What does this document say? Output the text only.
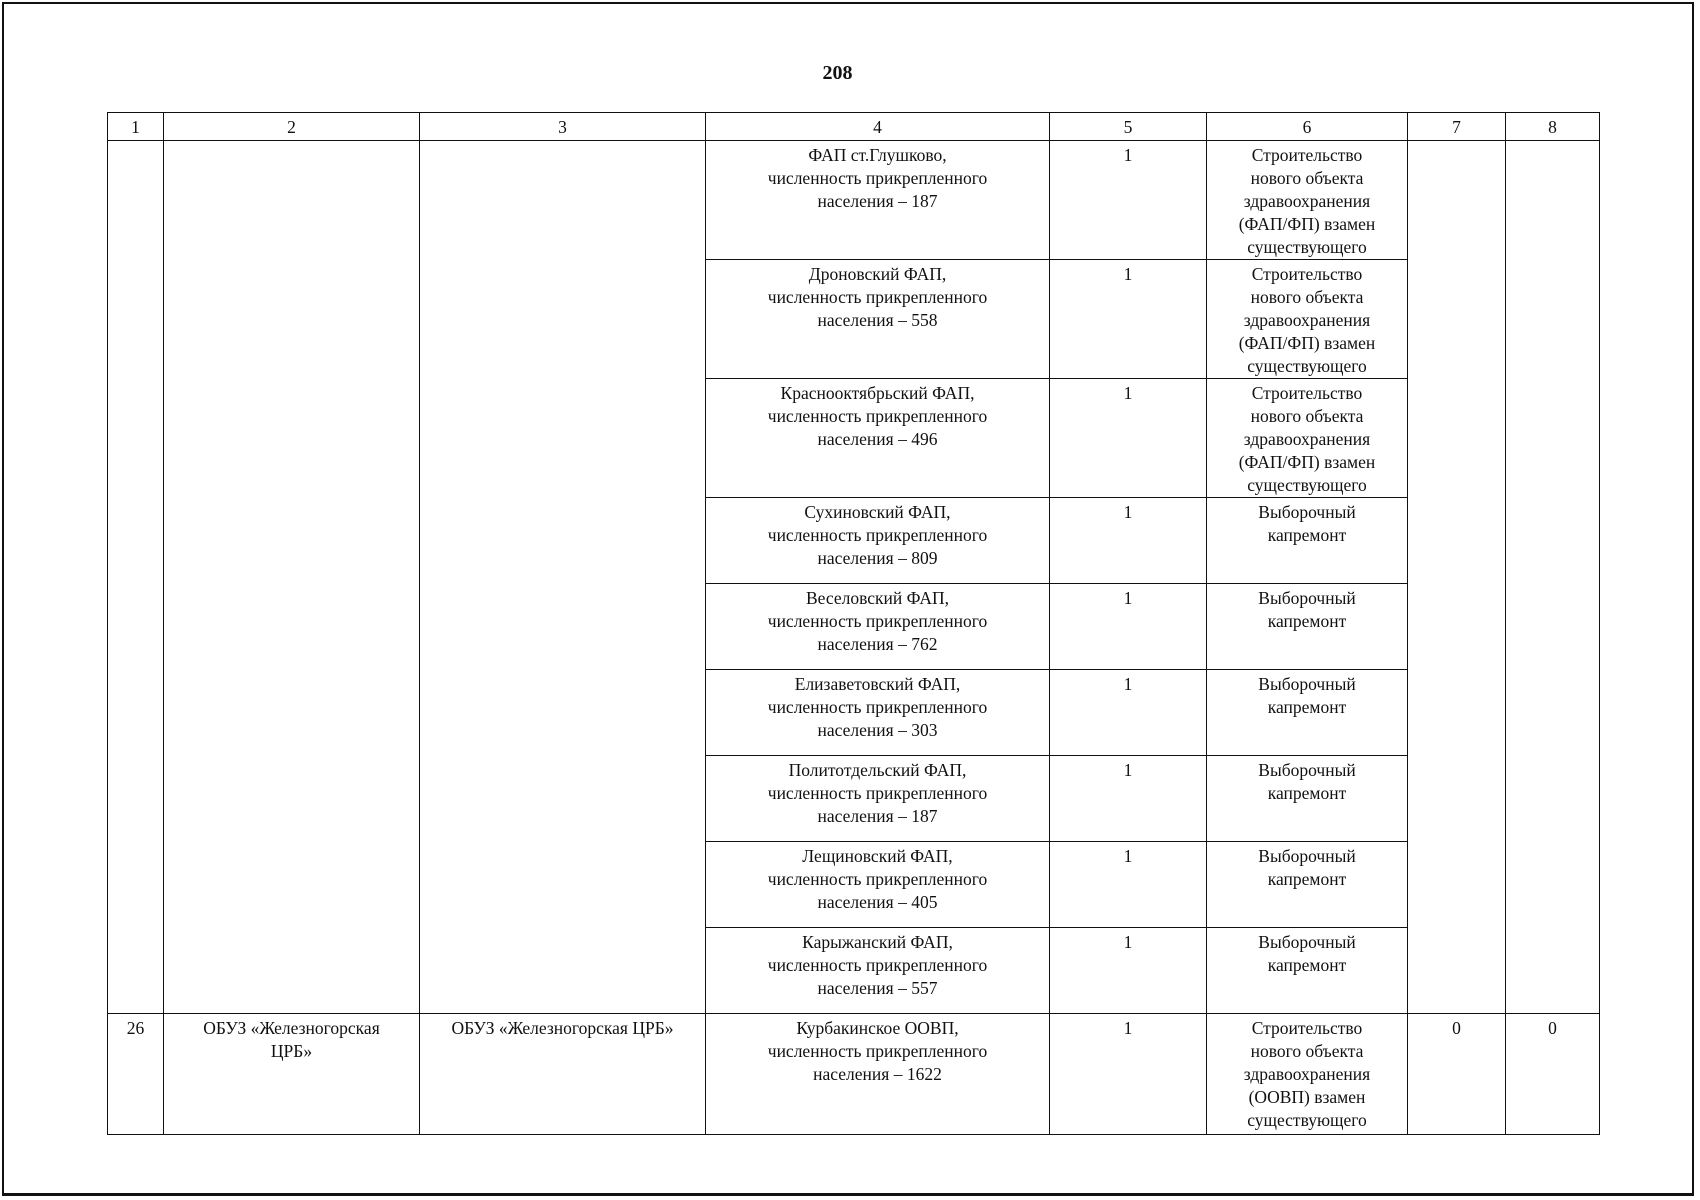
208
1	2	3	4	5	6	7	8
			ФАП ст.Глушково,
численность прикрепленного
населения – 187	1	Строительство
нового объекта
здравоохранения
(ФАП/ФП) взамен
существующего		
			Дроновский ФАП,
численность прикрепленного
населения – 558	1	Строительство
нового объекта
здравоохранения
(ФАП/ФП) взамен
существующего		
			Краснооктябрьский ФАП,
численность прикрепленного
населения – 496	1	Строительство
нового объекта
здравоохранения
(ФАП/ФП) взамен
существующего		
			Сухиновский ФАП,
численность прикрепленного
населения – 809	1	Выборочный
капремонт		
			Веселовский ФАП,
численность прикрепленного
населения – 762	1	Выборочный
капремонт		
			Елизаветовский ФАП,
численность прикрепленного
населения – 303	1	Выборочный
капремонт		
			Политотдельский ФАП,
численность прикрепленного
населения – 187	1	Выборочный
капремонт		
			Лещиновский ФАП,
численность прикрепленного
населения – 405	1	Выборочный
капремонт		
			Карыжанский ФАП,
численность прикрепленного
населения – 557	1	Выборочный
капремонт		
26	ОБУЗ «Железногорская
ЦРБ»	ОБУЗ «Железногорская ЦРБ»	Курбакинское ООВП,
численность прикрепленного
населения – 1622	1	Строительство
нового объекта
здравоохранения
(ООВП) взамен
существующего	0	0
